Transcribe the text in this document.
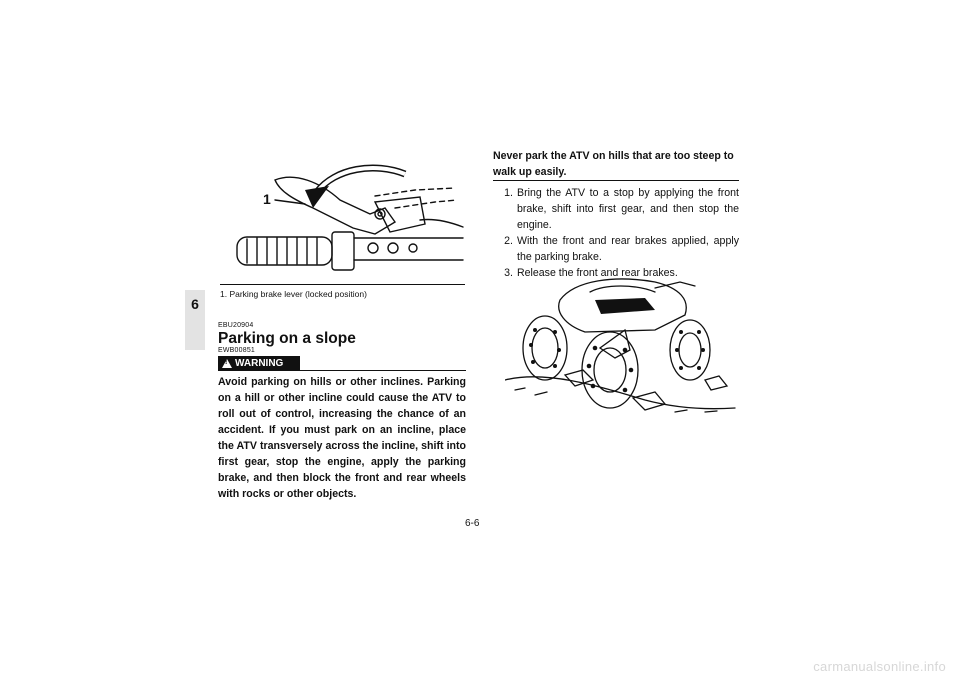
6
1
1. Parking brake lever (locked position)
EBU20904
Parking on a slope
EWB00851
!
WARNING
Avoid parking on hills or other inclines. Parking on a hill or other incline could cause the ATV to roll out of control, increasing the chance of an accident. If you must park on an incline, place the ATV transversely across the incline, shift into first gear, stop the engine, apply the parking brake, and then block the front and rear wheels with rocks or other objects.
Never park the ATV on hills that are too steep to walk up easily.
1. Bring the ATV to a stop by applying the front brake, shift into first gear, and then stop the engine.
2. With the front and rear brakes applied, apply the parking brake.
3. Release the front and rear brakes.
6-6
carmanualsonline.info
